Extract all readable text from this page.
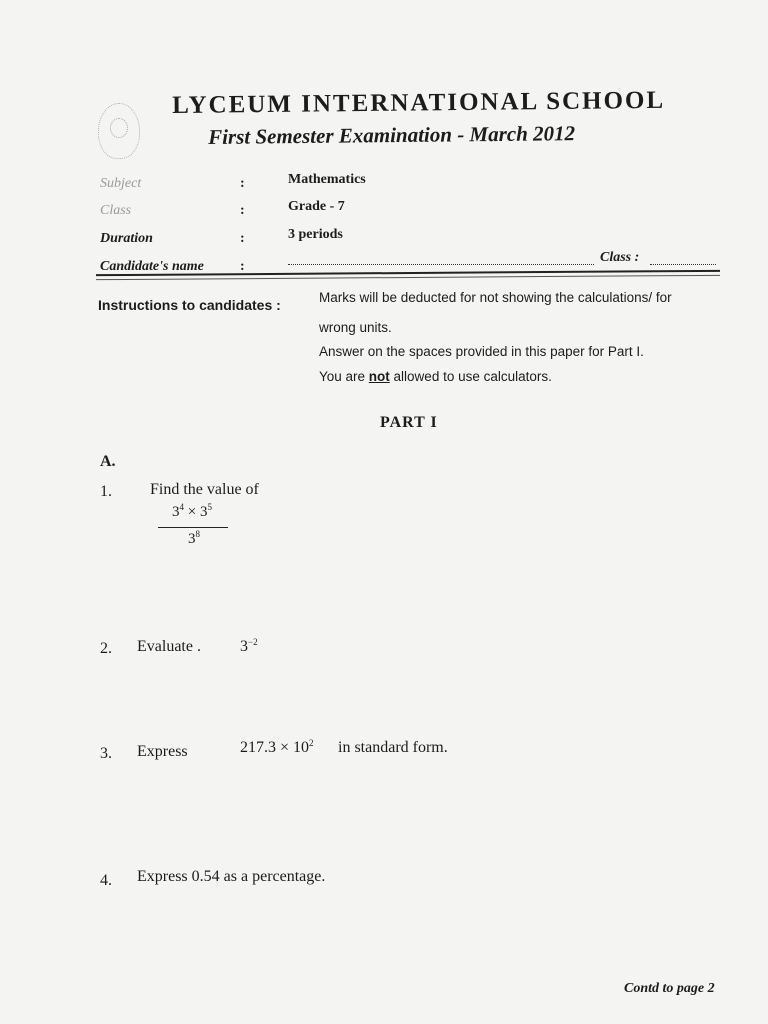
LYCEUM INTERNATIONAL SCHOOL
First Semester Examination - March 2012
Subject	:	Mathematics
Class	:	Grade - 7
Duration	:	3 periods
Candidate's name	:
Class :
Instructions to candidates :	Marks will be deducted for not showing the calculations/ for
wrong units.
Answer on the spaces provided in this paper for Part I.
You are not allowed to use calculators.
PART I
A.
1. Find the value of
$3^4 \times 3^5$
$3^8$
2. Evaluate . $3^{-2}$
3. Express	$217.3 \times 10^2$ in standard form.
4. Express 0.54 as a percentage.
Contd to page 2
